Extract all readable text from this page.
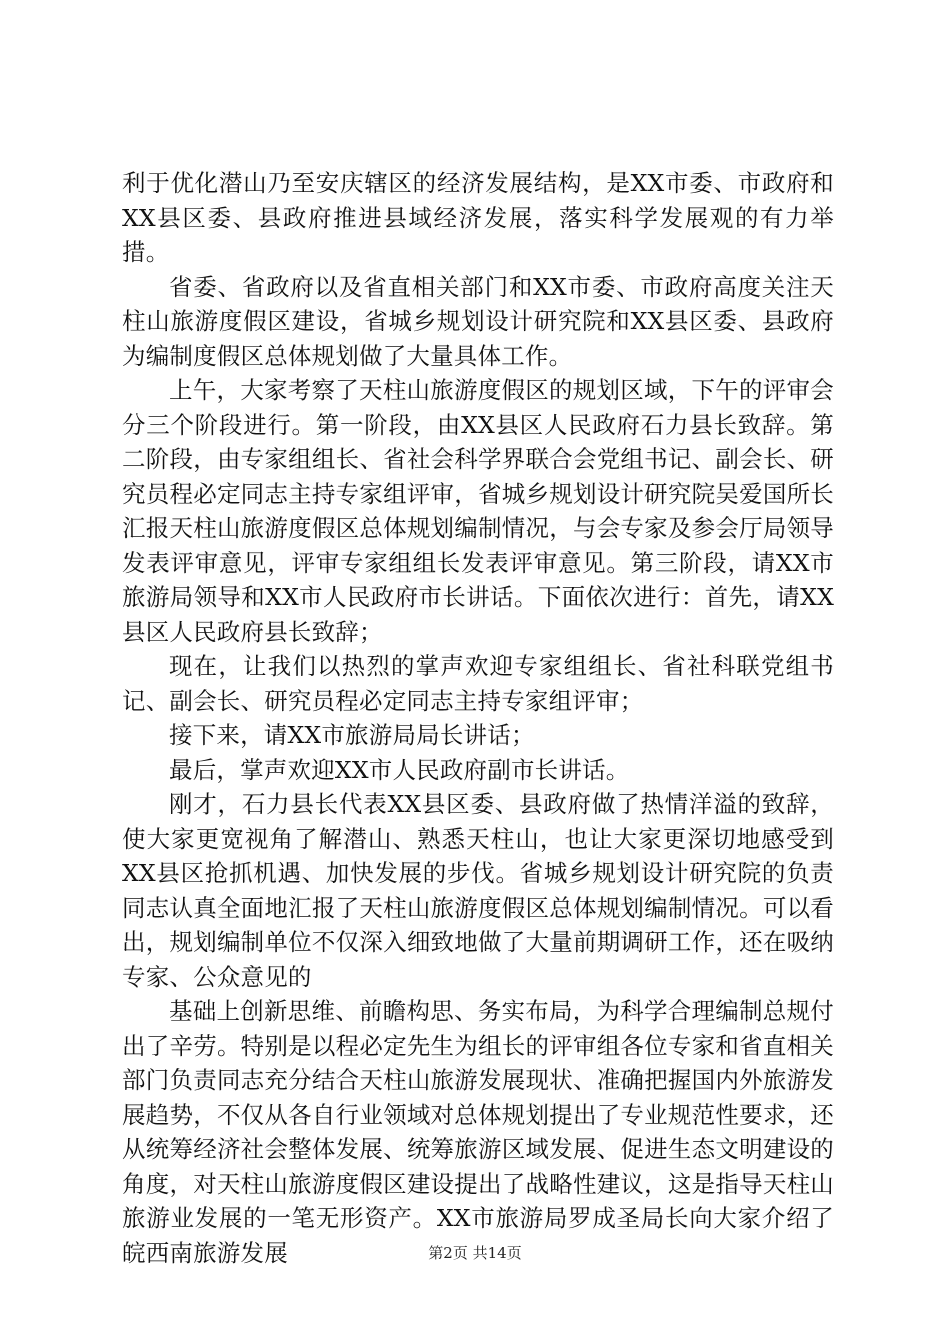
利于优化潜山乃至安庆辖区的经济发展结构，是XX市委、市政府和XX县区委、县政府推进县域经济发展，落实科学发展观的有力举措。

省委、省政府以及省直相关部门和XX市委、市政府高度关注天柱山旅游度假区建设，省城乡规划设计研究院和XX县区委、县政府为编制度假区总体规划做了大量具体工作。

上午，大家考察了天柱山旅游度假区的规划区域，下午的评审会分三个阶段进行。第一阶段，由XX县区人民政府石力县长致辞。第二阶段，由专家组组长、省社会科学界联合会党组书记、副会长、研究员程必定同志主持专家组评审，省城乡规划设计研究院吴爱国所长汇报天柱山旅游度假区总体规划编制情况，与会专家及参会厅局领导发表评审意见，评审专家组组长发表评审意见。第三阶段，请XX市旅游局领导和XX市人民政府市长讲话。下面依次进行：首先，请XX县区人民政府县长致辞；

现在，让我们以热烈的掌声欢迎专家组组长、省社科联党组书记、副会长、研究员程必定同志主持专家组评审；

接下来，请XX市旅游局局长讲话；

最后，掌声欢迎XX市人民政府副市长讲话。

刚才，石力县长代表XX县区委、县政府做了热情洋溢的致辞，使大家更宽视角了解潜山、熟悉天柱山，也让大家更深切地感受到XX县区抢抓机遇、加快发展的步伐。省城乡规划设计研究院的负责同志认真全面地汇报了天柱山旅游度假区总体规划编制情况。可以看出，规划编制单位不仅深入细致地做了大量前期调研工作，还在吸纳专家、公众意见的

基础上创新思维、前瞻构思、务实布局，为科学合理编制总规付出了辛劳。特别是以程必定先生为组长的评审组各位专家和省直相关部门负责同志充分结合天柱山旅游发展现状、准确把握国内外旅游发展趋势，不仅从各自行业领域对总体规划提出了专业规范性要求，还从统筹经济社会整体发展、统筹旅游区域发展、促进生态文明建设的角度，对天柱山旅游度假区建设提出了战略性建议，这是指导天柱山旅游业发展的一笔无形资产。XX市旅游局罗成圣局长向大家介绍了皖西南旅游发展	第2页 共14页
